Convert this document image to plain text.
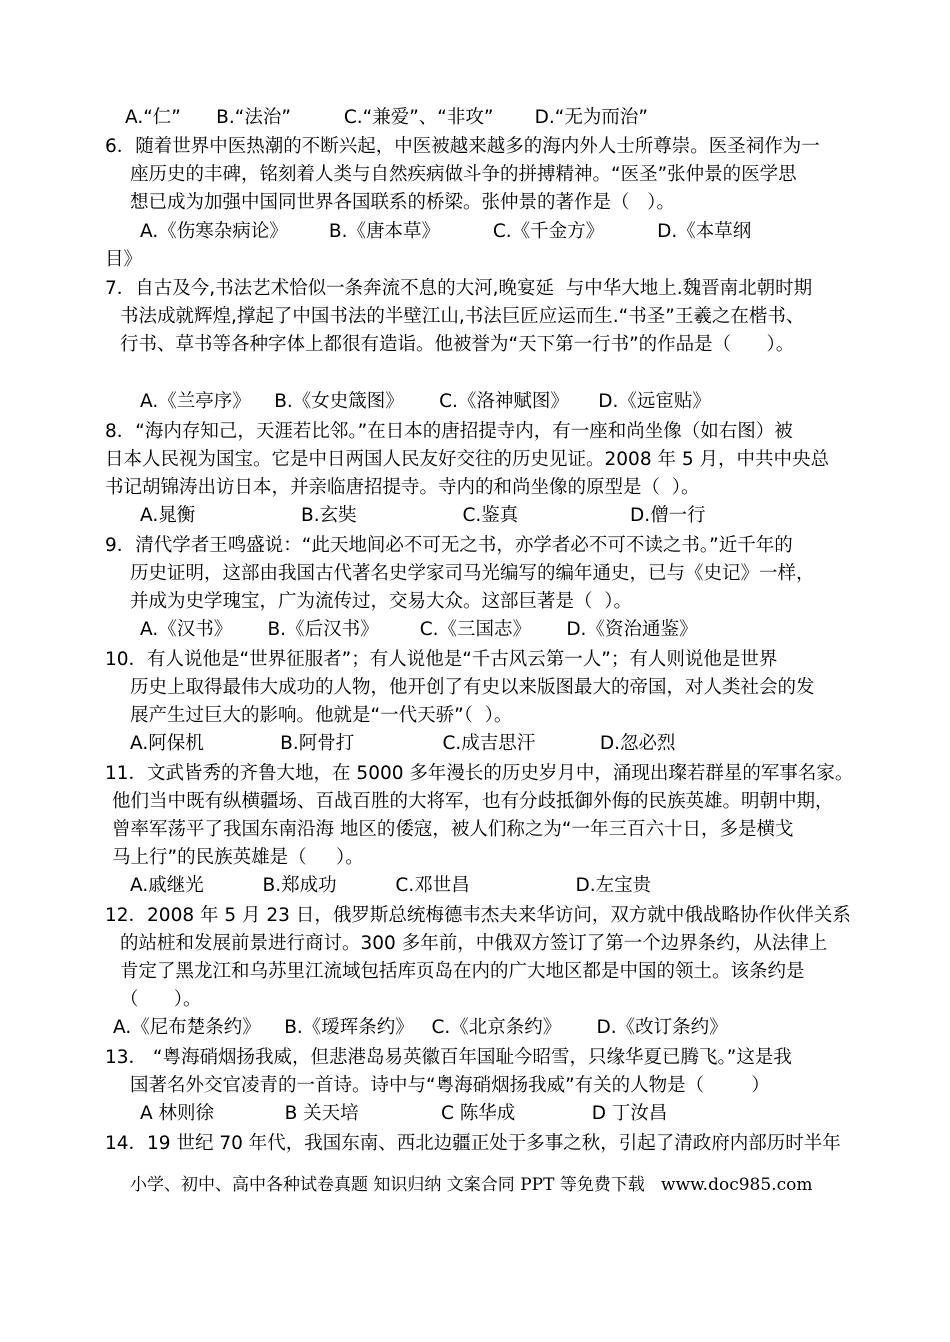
A.“仁”      B.“法治”         C.“兼爱”、“非攻”       D.“无为而治”
6．随着世界中医热潮的不断兴起，中医被越来越多的海内外人士所尊崇。医圣祠作为一
座历史的丰碑，铭刻着人类与自然疾病做斗争的拼搏精神。“医圣”张仲景的医学思
想已成为加强中国同世界各国联系的桥梁。张仲景的著作是（   ）。
A.《伤寒杂病论》       B.《唐本草》         C.《千金方》         D.《本草纲
目》
7．自古及今,书法艺术恰似一条奔流不息的大河,晚宴延  与中华大地上.魏晋南北朝时期
书法成就辉煌,撑起了中国书法的半壁江山,书法巨匠应运而生.“书圣”王羲之在楷书、
行书、草书等各种字体上都很有造诣。他被誉为“天下第一行书”的作品是（      ）。
A.《兰亭序》    B.《女史箴图》      C.《洛神赋图》     D.《远宦贴》
8．“海内存知己，天涯若比邻。”在日本的唐招提寺内，有一座和尚坐像（如右图）被
日本人民视为国宝。它是中日两国人民友好交往的历史见证。2008 年 5 月，中共中央总
书记胡锦涛出访日本，并亲临唐招提寺。寺内的和尚坐像的原型是（  ）。
A.晁衡                  B.玄奘                  C.鉴真                   D.僧一行
9．清代学者王鸣盛说：“此天地间必不可无之书，亦学者必不可不读之书。”近千年的
历史证明，这部由我国古代著名史学家司马光编写的编年通史，已与《史记》一样，
并成为史学瑰宝，广为流传过，交易大众。这部巨著是（  ）。
A.《汉书》      B.《后汉书》       C.《三国志》      D.《资治通鉴》
10．有人说他是“世界征服者”；有人说他是“千古风云第一人”；有人则说他是世界
历史上取得最伟大成功的人物，他开创了有史以来版图最大的帝国，对人类社会的发
展产生过巨大的影响。他就是“一代天骄”（  ）。
A.阿保机             B.阿骨打               C.成吉思汗           D.忽必烈
11．文武皆秀的齐鲁大地，在 5000 多年漫长的历史岁月中，涌现出璨若群星的军事名家。
他们当中既有纵横疆场、百战百胜的大将军，也有分歧抵御外侮的民族英雄。明朝中期，
曾率军荡平了我国东南沿海 地区的倭寇，被人们称之为“一年三百六十日，多是横戈
马上行”的民族英雄是（     ）。
A.戚继光          B.郑成功          C.邓世昌                  D.左宝贵
12．2008 年 5 月 23 日，俄罗斯总统梅德韦杰夫来华访问，双方就中俄战略协作伙伴关系
的站桩和发展前景进行商讨。300 多年前，中俄双方签订了第一个边界条约，从法律上
肯定了黑龙江和乌苏里江流域包括库页岛在内的广大地区都是中国的领土。该条约是
（      ）。
A.《尼布楚条约》    B.《瑷珲条约》   C.《北京条约》      D.《改订条约》
13． “粤海硝烟扬我威，但悲港岛易英徽百年国耻今昭雪，只缘华夏已腾飞。”这是我
国著名外交官凌青的一首诗。诗中与“粤海硝烟扬我威”有关的人物是（        ）
A 林则徐            B 关天培              C 陈华成             D 丁汝昌
14．19 世纪 70 年代，我国东南、西北边疆正处于多事之秋，引起了清政府内部历时半年
小学、初中、高中各种试卷真题 知识归纳 文案合同 PPT 等免费下载   www.doc985.com
